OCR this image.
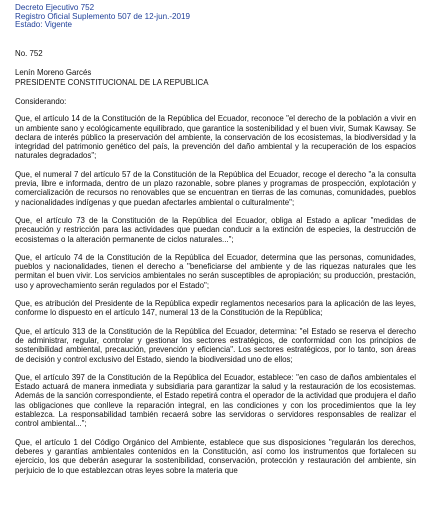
Decreto Ejecutivo 752
Registro Oficial Suplemento 507 de 12-jun.-2019
Estado: Vigente
No. 752
Lenín Moreno Garcés
PRESIDENTE CONSTITUCIONAL DE LA REPUBLICA
Considerando:

Que, el artículo 14 de la Constitución de la República del Ecuador, reconoce "el derecho de la población a vivir en un ambiente sano y ecológicamente equilibrado, que garantice la sostenibilidad y el buen vivir, Sumak Kawsay. Se declara de interés público la preservación del ambiente, la conservación de los ecosistemas, la biodiversidad y la integridad del patrimonio genético del país, la prevención del daño ambiental y la recuperación de los espacios naturales degradados";

Que, el numeral 7 del artículo 57 de la Constitución de la República del Ecuador, recoge el derecho "a la consulta previa, libre e informada, dentro de un plazo razonable, sobre planes y programas de prospección, explotación y comercialización de recursos no renovables que se encuentran en tierras de las comunas, comunidades, pueblos y nacionalidades indígenas y que puedan afectarles ambiental o culturalmente";

Que, el artículo 73 de la Constitución de la República del Ecuador, obliga al Estado a aplicar "medidas de precaución y restricción para las actividades que puedan conducir a la extinción de especies, la destrucción de ecosistemas o la alteración permanente de ciclos naturales...";

Que, el artículo 74 de la Constitución de la República del Ecuador, determina que las personas, comunidades, pueblos y nacionalidades, tienen el derecho a "beneficiarse del ambiente y de las riquezas naturales que les permitan el buen vivir. Los servicios ambientales no serán susceptibles de apropiación; su producción, prestación, uso y aprovechamiento serán regulados por el Estado";

Que, es atribución del Presidente de la República expedir reglamentos necesarios para la aplicación de las leyes, conforme lo dispuesto en el artículo 147, numeral 13 de la Constitución de la República;

Que, el artículo 313 de la Constitución de la República del Ecuador, determina: "el Estado se reserva el derecho de administrar, regular, controlar y gestionar los sectores estratégicos, de conformidad con los principios de sostenibilidad ambiental, precaución, prevención y eficiencia". Los sectores estratégicos, por lo tanto, son áreas de decisión y control exclusivo del Estado, siendo la biodiversidad uno de ellos;

Que, el artículo 397 de la Constitución de la República del Ecuador, establece: "en caso de daños ambientales el Estado actuará de manera inmediata y subsidiaria para garantizar la salud y la restauración de los ecosistemas. Además de la sanción correspondiente, el Estado repetirá contra el operador de la actividad que produjera el daño las obligaciones que conlleve la reparación integral, en las condiciones y con los procedimientos que la ley establezca. La responsabilidad también recaerá sobre las servidoras o servidores responsables de realizar el control ambiental...";

Que, el artículo 1 del Código Orgánico del Ambiente, establece que sus disposiciones "regularán los derechos, deberes y garantías ambientales contenidos en la Constitución, así como los instrumentos que fortalecen su ejercicio, los que deberán asegurar la sostenibilidad, conservación, protección y restauración del ambiente, sin perjuicio de lo que establezcan otras leyes sobre la materia que
